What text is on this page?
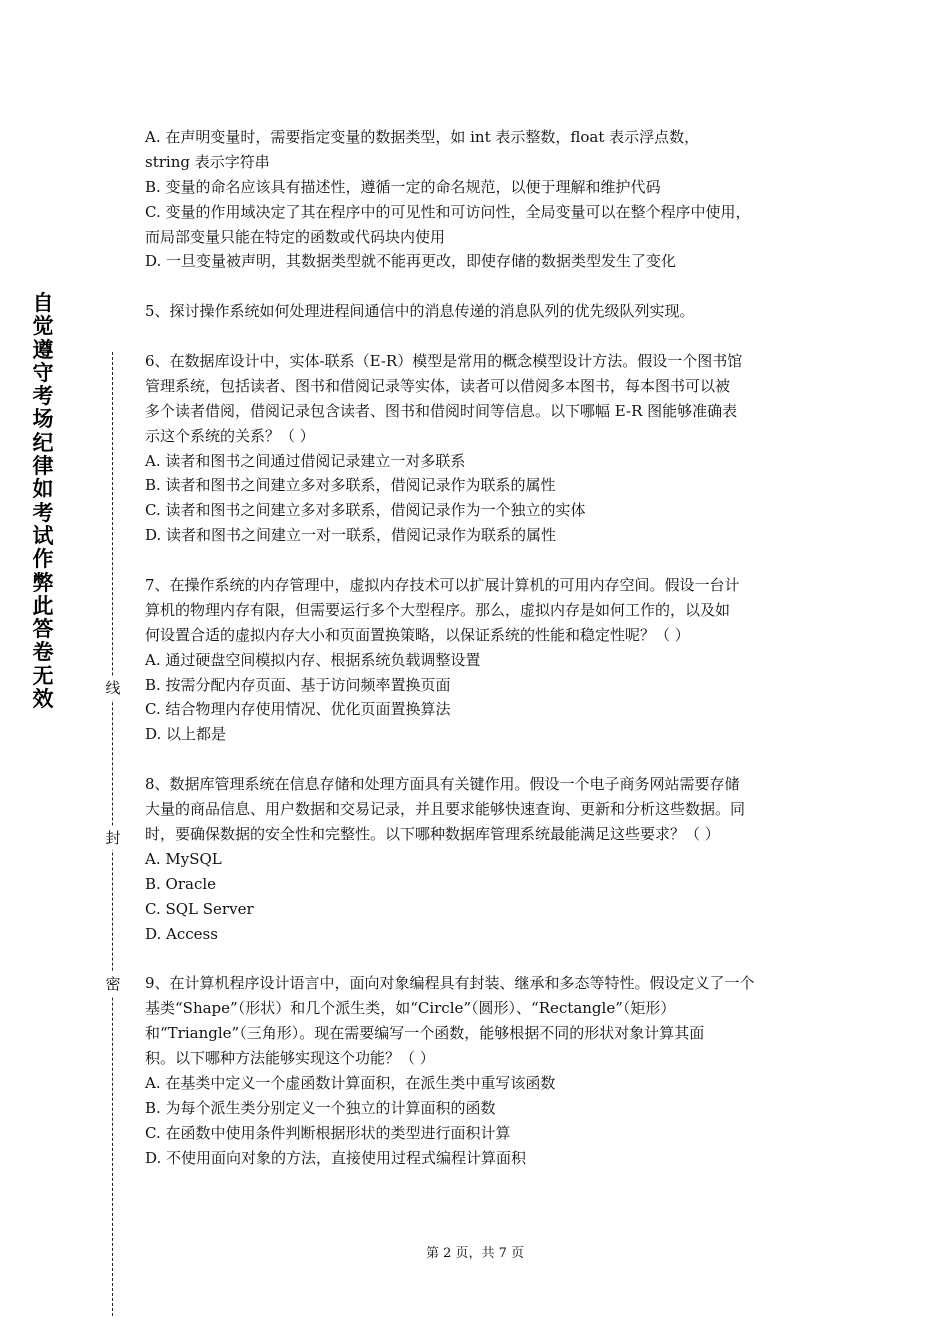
自觉遵守考场纪律如考试作弊此答卷无效	线
封
密
A. 在声明变量时，需要指定变量的数据类型，如 int 表示整数，float 表示浮点数，
string 表示字符串
B. 变量的命名应该具有描述性，遵循一定的命名规范，以便于理解和维护代码
C. 变量的作用域决定了其在程序中的可见性和可访问性，全局变量可以在整个程序中使用，
而局部变量只能在特定的函数或代码块内使用
D. 一旦变量被声明，其数据类型就不能再更改，即使存储的数据类型发生了变化
5、探讨操作系统如何处理进程间通信中的消息传递的消息队列的优先级队列实现。
6、在数据库设计中，实体-联系（E-R）模型是常用的概念模型设计方法。假设一个图书馆
管理系统，包括读者、图书和借阅记录等实体，读者可以借阅多本图书，每本图书可以被
多个读者借阅，借阅记录包含读者、图书和借阅时间等信息。以下哪幅 E-R 图能够准确表
示这个系统的关系？（ ）
A. 读者和图书之间通过借阅记录建立一对多联系
B. 读者和图书之间建立多对多联系，借阅记录作为联系的属性
C. 读者和图书之间建立多对多联系，借阅记录作为一个独立的实体
D. 读者和图书之间建立一对一联系，借阅记录作为联系的属性
7、在操作系统的内存管理中，虚拟内存技术可以扩展计算机的可用内存空间。假设一台计
算机的物理内存有限，但需要运行多个大型程序。那么，虚拟内存是如何工作的，以及如
何设置合适的虚拟内存大小和页面置换策略，以保证系统的性能和稳定性呢？（ ）
A. 通过硬盘空间模拟内存、根据系统负载调整设置
B. 按需分配内存页面、基于访问频率置换页面
C. 结合物理内存使用情况、优化页面置换算法
D. 以上都是
8、数据库管理系统在信息存储和处理方面具有关键作用。假设一个电子商务网站需要存储
大量的商品信息、用户数据和交易记录，并且要求能够快速查询、更新和分析这些数据。同
时，要确保数据的安全性和完整性。以下哪种数据库管理系统最能满足这些要求？（ ）
A. MySQL
B. Oracle
C. SQL Server
D. Access
9、在计算机程序设计语言中，面向对象编程具有封装、继承和多态等特性。假设定义了一个
基类“Shape”（形状）和几个派生类，如“Circle”（圆形）、“Rectangle”（矩形）
和“Triangle”（三角形）。现在需要编写一个函数，能够根据不同的形状对象计算其面
积。以下哪种方法能够实现这个功能？（ ）
A. 在基类中定义一个虚函数计算面积，在派生类中重写该函数
B. 为每个派生类分别定义一个独立的计算面积的函数
C. 在函数中使用条件判断根据形状的类型进行面积计算
D. 不使用面向对象的方法，直接使用过程式编程计算面积
第 2 页，共 7 页
